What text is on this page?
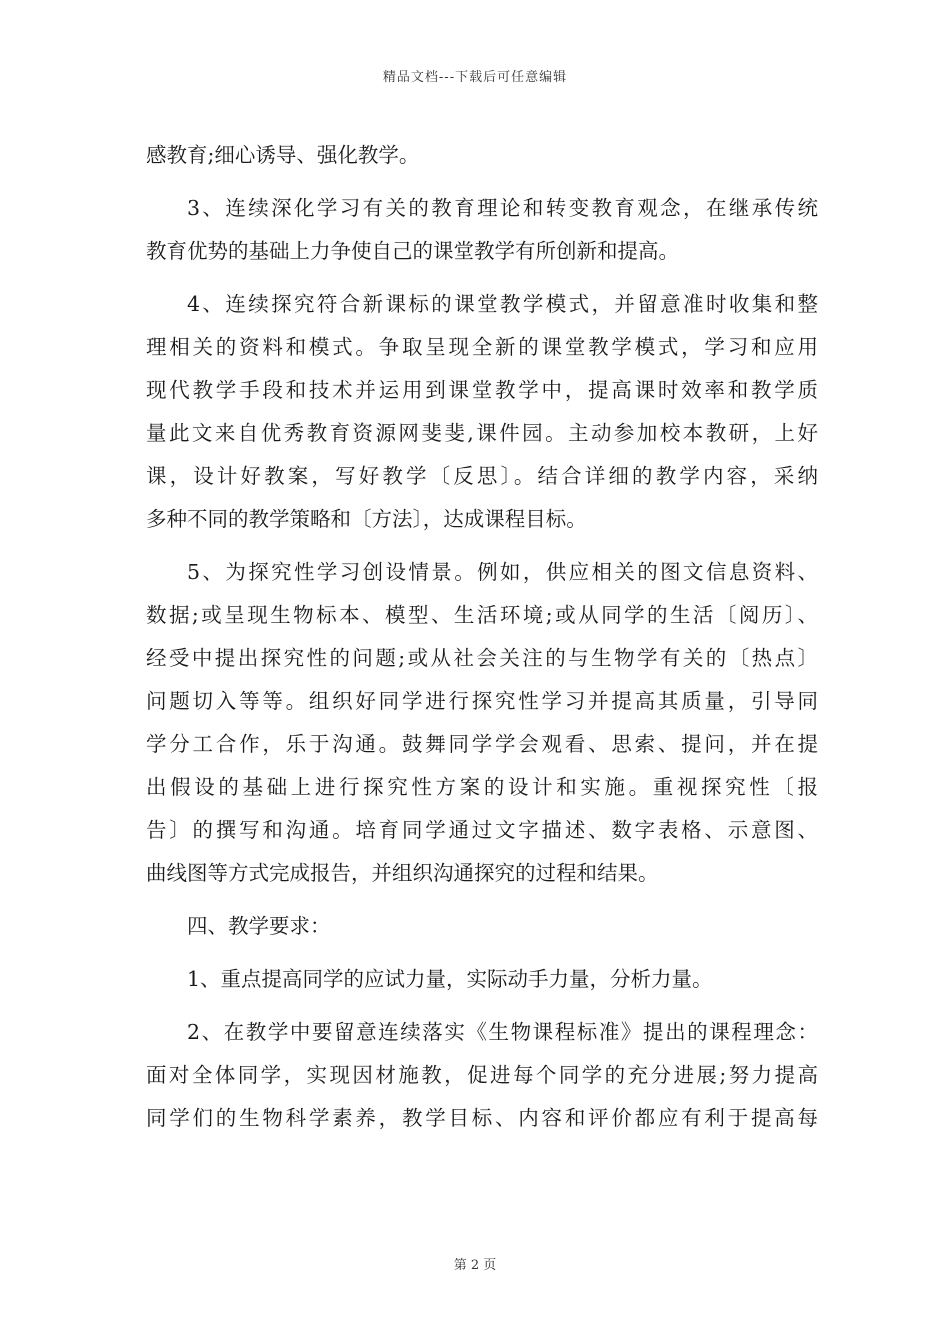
精品文档---下载后可任意编辑
感教育;细心诱导、强化教学。
3、连续深化学习有关的教育理论和转变教育观念，在继承传统
教育优势的基础上力争使自己的课堂教学有所创新和提高。
4、连续探究符合新课标的课堂教学模式，并留意准时收集和整
理相关的资料和模式。争取呈现全新的课堂教学模式，学习和应用
现代教学手段和技术并运用到课堂教学中，提高课时效率和教学质
量此文来自优秀教育资源网斐斐,课件园。主动参加校本教研，上好
课，设计好教案，写好教学〔反思〕。结合详细的教学内容，采纳
多种不同的教学策略和〔方法〕，达成课程目标。
5、为探究性学习创设情景。例如，供应相关的图文信息资料、
数据;或呈现生物标本、模型、生活环境;或从同学的生活〔阅历〕、
经受中提出探究性的问题;或从社会关注的与生物学有关的〔热点〕
问题切入等等。组织好同学进行探究性学习并提高其质量，引导同
学分工合作，乐于沟通。鼓舞同学学会观看、思索、提问，并在提
出假设的基础上进行探究性方案的设计和实施。重视探究性〔报
告〕的撰写和沟通。培育同学通过文字描述、数字表格、示意图、
曲线图等方式完成报告，并组织沟通探究的过程和结果。
四、教学要求：
1、重点提高同学的应试力量，实际动手力量，分析力量。
2、在教学中要留意连续落实《生物课程标准》提出的课程理念：
面对全体同学，实现因材施教，促进每个同学的充分进展;努力提高
同学们的生物科学素养，教学目标、内容和评价都应有利于提高每
第 2 页
